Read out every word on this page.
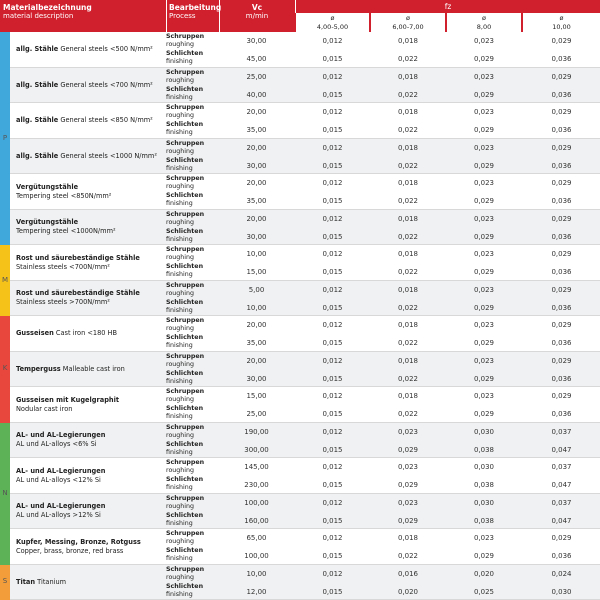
Materialbezeichnung
material description
Bearbeitung
Process
Vc
m/min
fz
ø
4,00-5,00
ø
6,00-7,00
ø
8,00
ø
10,00
P
M
K
N
S
allg. Stähle General steels <500 N/mm²
Schruppen
roughing	30,00	0,012	0,018	0,023	0,029
Schlichten
finishing	45,00	0,015	0,022	0,029	0,036
allg. Stähle General steels <700 N/mm²
Schruppen
roughing	25,00	0,012	0,018	0,023	0,029
Schlichten
finishing	40,00	0,015	0,022	0,029	0,036
allg. Stähle General steels <850 N/mm²
Schruppen
roughing	20,00	0,012	0,018	0,023	0,029
Schlichten
finishing	35,00	0,015	0,022	0,029	0,036
allg. Stähle General steels <1000 N/mm²
Schruppen
roughing	20,00	0,012	0,018	0,023	0,029
Schlichten
finishing	30,00	0,015	0,022	0,029	0,036
Vergütungstähle
Tempering steel <850N/mm²
Schruppen
roughing	20,00	0,012	0,018	0,023	0,029
Schlichten
finishing	35,00	0,015	0,022	0,029	0,036
Vergütungstähle
Tempering steel <1000N/mm²
Schruppen
roughing	20,00	0,012	0,018	0,023	0,029
Schlichten
finishing	30,00	0,015	0,022	0,029	0,036
Rost und säurebeständige Stähle
Stainless steels <700N/mm²
Schruppen
roughing	10,00	0,012	0,018	0,023	0,029
Schlichten
finishing	15,00	0,015	0,022	0,029	0,036
Rost und säurebeständige Stähle
Stainless steels >700N/mm²
Schruppen
roughing	5,00	0,012	0,018	0,023	0,029
Schlichten
finishing	10,00	0,015	0,022	0,029	0,036
Gusseisen Cast iron <180 HB
Schruppen
roughing	20,00	0,012	0,018	0,023	0,029
Schlichten
finishing	35,00	0,015	0,022	0,029	0,036
Temperguss Malleable cast iron
Schruppen
roughing	20,00	0,012	0,018	0,023	0,029
Schlichten
finishing	30,00	0,015	0,022	0,029	0,036
Gusseisen mit Kugelgraphit
Nodular cast iron
Schruppen
roughing	15,00	0,012	0,018	0,023	0,029
Schlichten
finishing	25,00	0,015	0,022	0,029	0,036
AL- und AL-Legierungen
AL und AL-alloys <6% Si
Schruppen
roughing	190,00	0,012	0,023	0,030	0,037
Schlichten
finishing	300,00	0,015	0,029	0,038	0,047
AL- und AL-Legierungen
AL und AL-alloys <12% Si
Schruppen
roughing	145,00	0,012	0,023	0,030	0,037
Schlichten
finishing	230,00	0,015	0,029	0,038	0,047
AL- und AL-Legierungen
AL und AL-alloys >12% Si
Schruppen
roughing	100,00	0,012	0,023	0,030	0,037
Schlichten
finishing	160,00	0,015	0,029	0,038	0,047
Kupfer, Messing, Bronze, Rotguss
Copper, brass, bronze, red brass
Schruppen
roughing	65,00	0,012	0,018	0,023	0,029
Schlichten
finishing	100,00	0,015	0,022	0,029	0,036
Titan Titanium
Schruppen
roughing	10,00	0,012	0,016	0,020	0,024
Schlichten
finishing	12,00	0,015	0,020	0,025	0,030
